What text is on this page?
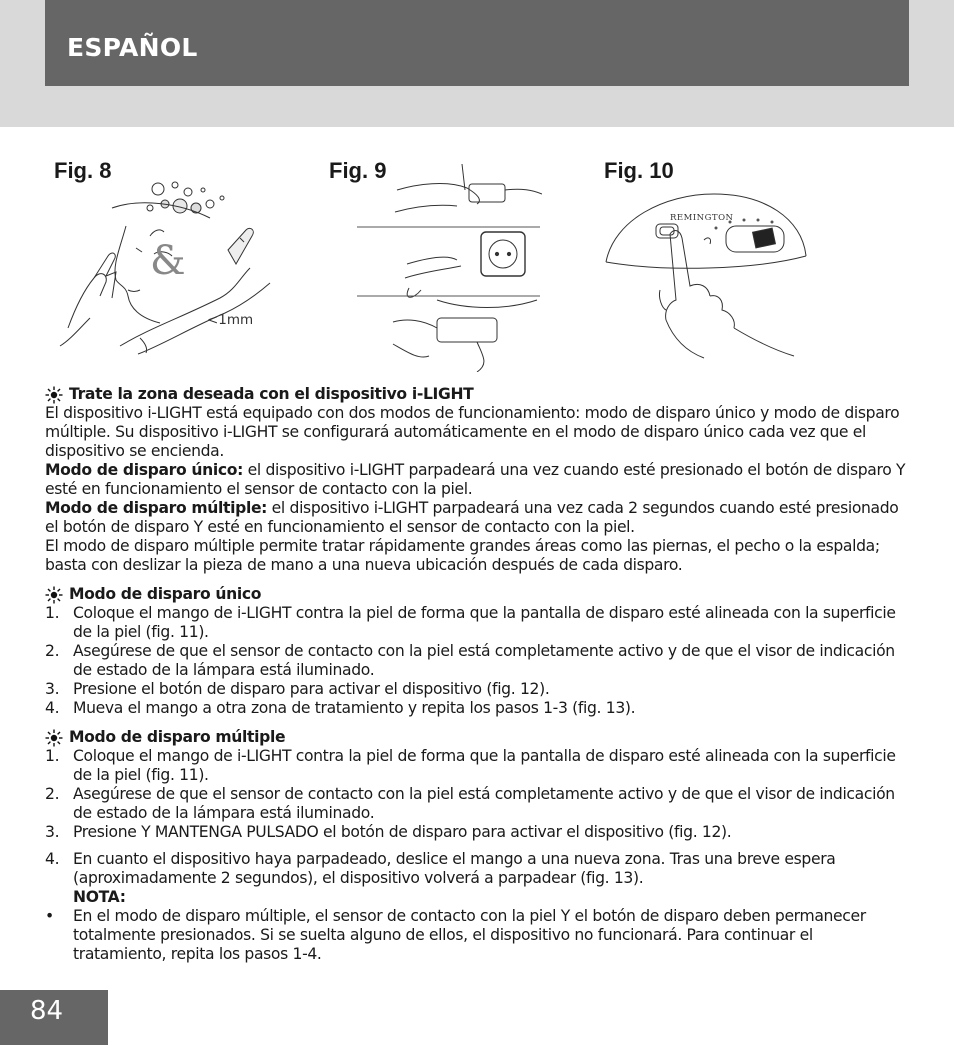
ESPAÑOL
Fig. 8	Fig. 9	Fig. 10
&
<1mm
REMINGTON
Trate la zona deseada con el dispositivo i-LIGHT

El dispositivo i-LIGHT está equipado con dos modos de funcionamiento: modo de disparo único y modo de disparo múltiple. Su dispositivo i-LIGHT se configurará automáticamente en el modo de disparo único cada vez que el dispositivo se encienda.

Modo de disparo único: el dispositivo i-LIGHT parpadeará una vez cuando esté presionado el botón de disparo Y esté en funcionamiento el sensor de contacto con la piel.

Modo de disparo múltiple: el dispositivo i-LIGHT parpadeará una vez cada 2 segundos cuando esté presionado el botón de disparo Y esté en funcionamiento el sensor de contacto con la piel.

El modo de disparo múltiple permite tratar rápidamente grandes áreas como las piernas, el pecho o la espalda; basta con deslizar la pieza de mano a una nueva ubicación después de cada disparo.

Modo de disparo único
1. Coloque el mango de i-LIGHT contra la piel de forma que la pantalla de disparo esté alineada con la superficie de la piel (fig. 11).
2. Asegúrese de que el sensor de contacto con la piel está completamente activo y de que el visor de indicación de estado de la lámpara está iluminado.
3. Presione el botón de disparo para activar el dispositivo (fig. 12).
4. Mueva el mango a otra zona de tratamiento y repita los pasos 1-3 (fig. 13).
Modo de disparo múltiple
1. Coloque el mango de i-LIGHT contra la piel de forma que la pantalla de disparo esté alineada con la superficie de la piel (fig. 11).
2. Asegúrese de que el sensor de contacto con la piel está completamente activo y de que el visor de indicación de estado de la lámpara está iluminado.
3. Presione Y MANTENGA PULSADO el botón de disparo para activar el dispositivo (fig. 12).
4. En cuanto el dispositivo haya parpadeado, deslice el mango a una nueva zona. Tras una breve espera (aproximadamente 2 segundos), el dispositivo volverá a parpadear (fig. 13).
NOTA:
• En el modo de disparo múltiple, el sensor de contacto con la piel Y el botón de disparo deben permanecer totalmente presionados. Si se suelta alguno de ellos, el dispositivo no funcionará. Para continuar el tratamiento, repita los pasos 1-4.
84
